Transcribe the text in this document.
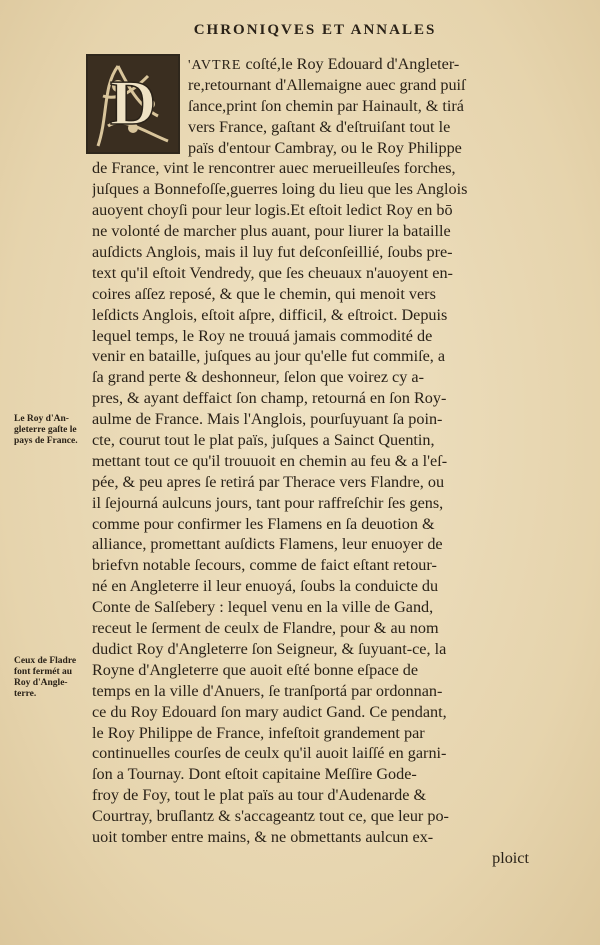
CHRONIQVES ET ANNALES
D
'AVTRE coſté,le Roy Edouard d'Angleter-
re,retournant d'Allemaigne auec grand puiſ
ſance,print ſon chemin par Hainault, & tirá
vers France, gaſtant & d'eſtruiſant tout le
païs d'entour Cambray, ou le Roy Philippe
de France, vint le rencontrer auec merueilleuſes forches,
juſques a Bonnefoſſe,guerres loing du lieu que les Anglois
auoyent choyſi pour leur logis.Et eſtoit ledict Roy en bō
ne volonté de marcher plus auant, pour liurer la bataille
auſdicts Anglois, mais il luy fut deſconſeillié, ſoubs pre-
text qu'il eſtoit Vendredy, que ſes cheuaux n'auoyent en-
coires aſſez reposé, & que le chemin, qui menoit vers
leſdicts Anglois, eſtoit aſpre, difficil, & eſtroict. Depuis
lequel temps, le Roy ne trouuá jamais commodité de
venir en bataille, juſques au jour qu'elle fut commiſe, a
ſa grand perte & deshonneur, ſelon que voirez cy a-
pres, & ayant deffaict ſon champ, retourná en ſon Roy-
aulme de France. Mais l'Anglois, pourſuyuant ſa poin-
cte, courut tout le plat païs, juſques a Sainct Quentin,
mettant tout ce qu'il trouuoit en chemin au feu & a l'eſ-
pée, & peu apres ſe retirá par Therace vers Flandre, ou
il ſejourná aulcuns jours, tant pour raffreſchir ſes gens,
comme pour confirmer les Flamens en ſa deuotion &
alliance, promettant auſdicts Flamens, leur enuoyer de
briefvn notable ſecours, comme de faict eſtant retour-
né en Angleterre il leur enuoyá, ſoubs la conduicte du
Conte de Salſebery : lequel venu en la ville de Gand,
receut le ſerment de ceulx de Flandre, pour & au nom
dudict Roy d'Angleterre ſon Seigneur, & ſuyuant-ce, la
Royne d'Angleterre que auoit eſté bonne eſpace de
temps en la ville d'Anuers, ſe tranſportá par ordonnan-
ce du Roy Edouard ſon mary audict Gand. Ce pendant,
le Roy Philippe de France, infeſtoit grandement par
continuelles courſes de ceulx qu'il auoit laiſſé en garni-
ſon a Tournay. Dont eſtoit capitaine Meſſire Gode-
froy de Foy, tout le plat païs au tour d'Audenarde &
Courtray, bruſlantz & s'accageantz tout ce, que leur po-
uoit tomber entre mains, & ne obmettants aulcun ex-
ploict
Le Roy d'An-
gleterre gaſte le
pays de France.
Ceux de Fladre
font fermét au
Roy d'Angle-
terre.
